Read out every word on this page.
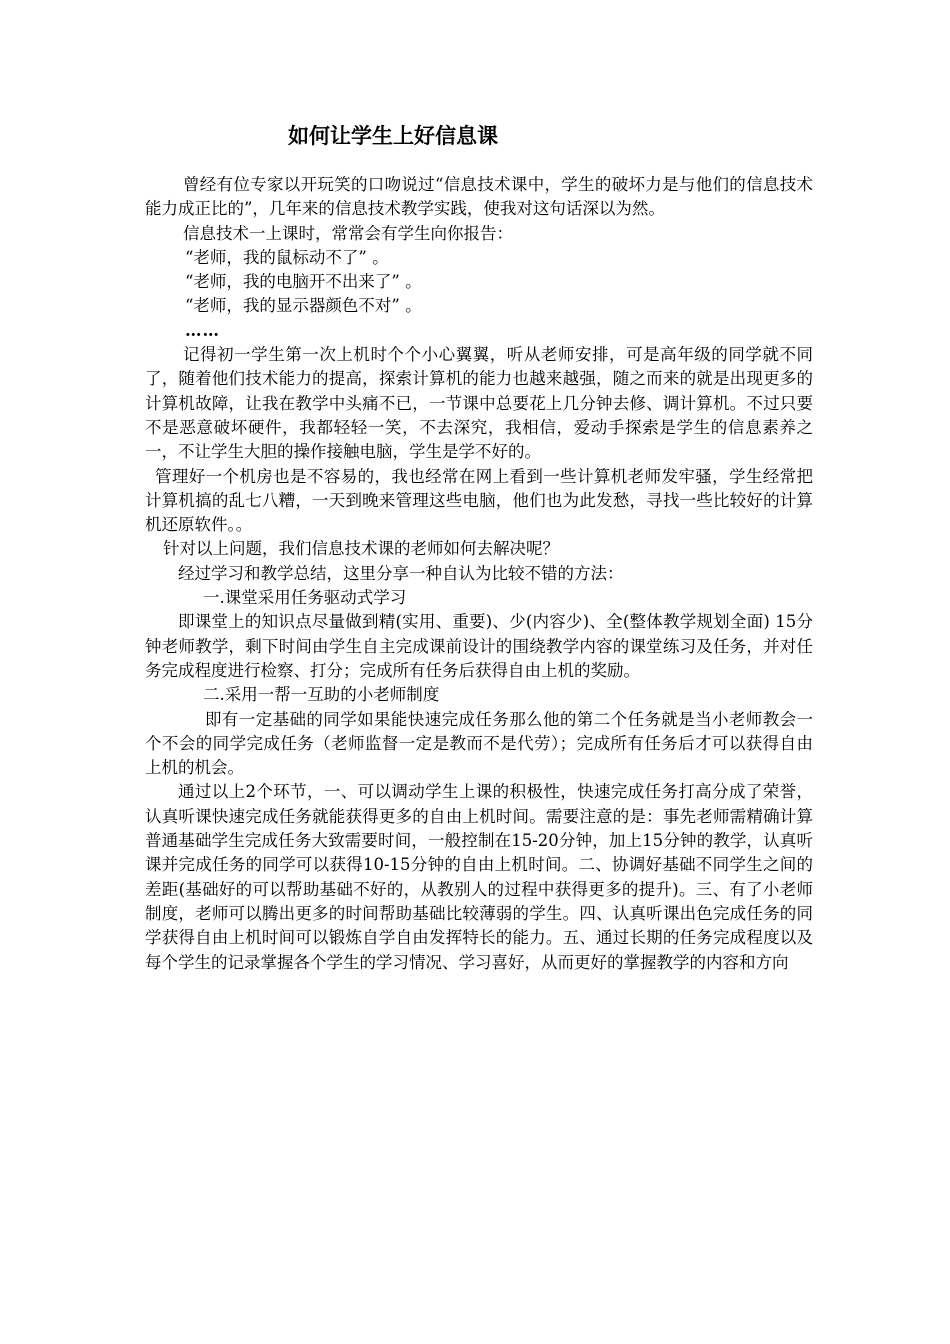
如何让学生上好信息课

曾经有位专家以开玩笑的口吻说过“信息技术课中，学生的破坏力是与他们的信息技术能力成正比的”，几年来的信息技术教学实践，使我对这句话深以为然。

信息技术一上课时，常常会有学生向你报告：

“老师，我的鼠标动不了” 。

“老师，我的电脑开不出来了” 。

“老师，我的显示器颜色不对” 。

……

记得初一学生第一次上机时个个小心翼翼，听从老师安排，可是高年级的同学就不同了，随着他们技术能力的提高，探索计算机的能力也越来越强，随之而来的就是出现更多的计算机故障，让我在教学中头痛不已，一节课中总要花上几分钟去修、调计算机。不过只要不是恶意破坏硬件，我都轻轻一笑，不去深究，我相信，爱动手探索是学生的信息素养之一，不让学生大胆的操作接触电脑，学生是学不好的。

管理好一个机房也是不容易的，我也经常在网上看到一些计算机老师发牢骚，学生经常把计算机搞的乱七八糟，一天到晚来管理这些电脑，他们也为此发愁，寻找一些比较好的计算机还原软件。。

针对以上问题，我们信息技术课的老师如何去解决呢？

经过学习和教学总结，这里分享一种自认为比较不错的方法：

一.课堂采用任务驱动式学习

即课堂上的知识点尽量做到精(实用、重要)、少(内容少)、全(整体教学规划全面) 15分钟老师教学，剩下时间由学生自主完成课前设计的围绕教学内容的课堂练习及任务，并对任务完成程度进行检察、打分；完成所有任务后获得自由上机的奖励。

二.采用一帮一互助的小老师制度

即有一定基础的同学如果能快速完成任务那么他的第二个任务就是当小老师教会一个不会的同学完成任务（老师监督一定是教而不是代劳）；完成所有任务后才可以获得自由上机的机会。

通过以上2个环节，一、可以调动学生上课的积极性，快速完成任务打高分成了荣誉，认真听课快速完成任务就能获得更多的自由上机时间。需要注意的是：事先老师需精确计算普通基础学生完成任务大致需要时间，一般控制在15-20分钟，加上15分钟的教学，认真听课并完成任务的同学可以获得10-15分钟的自由上机时间。二、协调好基础不同学生之间的差距(基础好的可以帮助基础不好的，从教别人的过程中获得更多的提升)。三、有了小老师制度，老师可以腾出更多的时间帮助基础比较薄弱的学生。四、认真听课出色完成任务的同学获得自由上机时间可以锻炼自学自由发挥特长的能力。五、通过长期的任务完成程度以及每个学生的记录掌握各个学生的学习情况、学习喜好，从而更好的掌握教学的内容和方向
